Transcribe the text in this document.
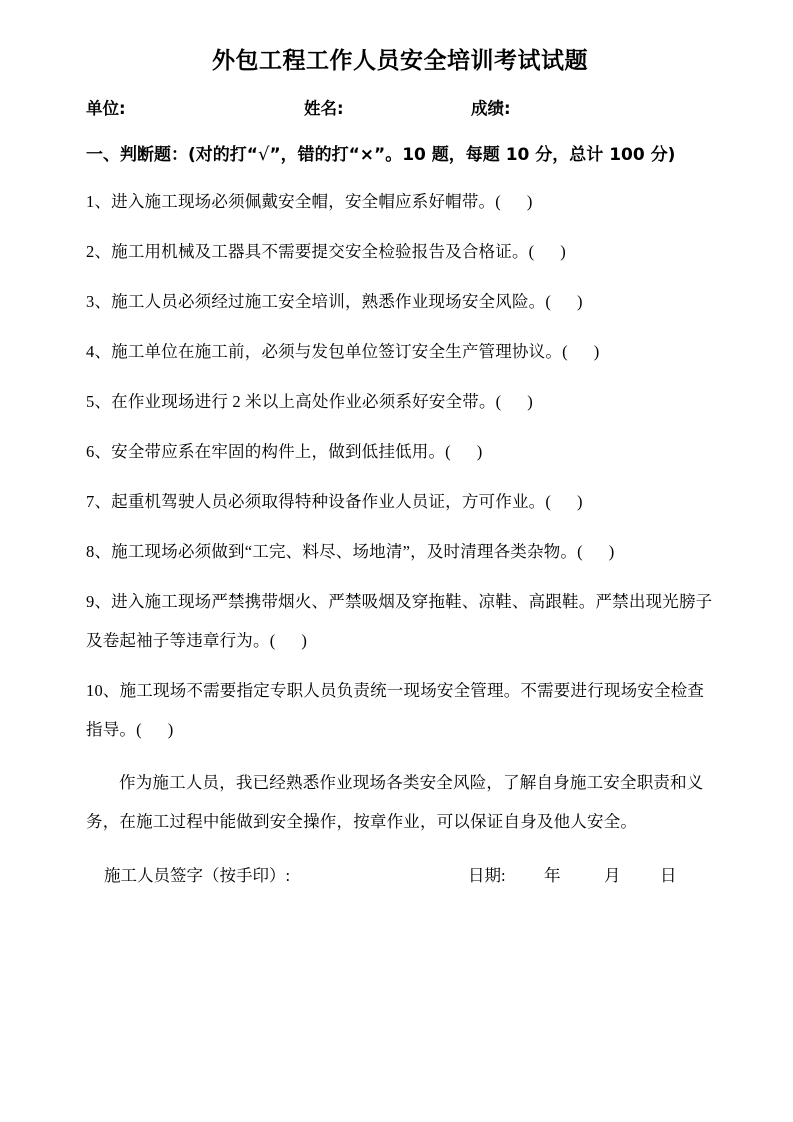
外包工程工作人员安全培训考试试题
单位:	姓名:	成绩:

一、判断题：(对的打“√”，错的打“×”。10 题，每题 10 分，总计 100 分)

1、进入施工现场必须佩戴安全帽，安全帽应系好帽带。(      )
2、施工用机械及工器具不需要提交安全检验报告及合格证。(      )
3、施工人员必须经过施工安全培训，熟悉作业现场安全风险。(      )
4、施工单位在施工前，必须与发包单位签订安全生产管理协议。(      )
5、在作业现场进行 2 米以上高处作业必须系好安全带。(      )
6、安全带应系在牢固的构件上，做到低挂低用。(      )
7、起重机驾驶人员必须取得特种设备作业人员证，方可作业。(      )
8、施工现场必须做到“工完、料尽、场地清”，及时清理各类杂物。(      )
9、进入施工现场严禁携带烟火、严禁吸烟及穿拖鞋、凉鞋、高跟鞋。严禁出现光膀子及卷起袖子等违章行为。(      )
10、施工现场不需要指定专职人员负责统一现场安全管理。不需要进行现场安全检查指导。(      )

作为施工人员，我已经熟悉作业现场各类安全风险，了解自身施工安全职责和义务，在施工过程中能做到安全操作，按章作业，可以保证自身及他人安全。

施工人员签字（按手印）:	日期: 年	月 日
